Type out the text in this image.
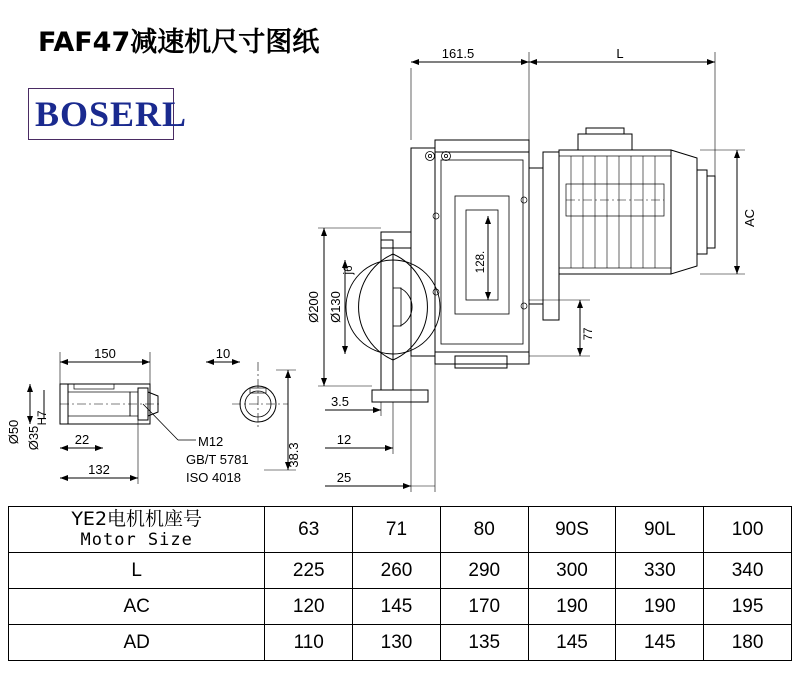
FAF47减速机尺寸图纸
BOSERL
161.5	L
AC
128.
77
Ø200 Ø130
j6
3.5
12
25
150
132
22
10
38.3
Ø50 Ø35
H7
M12
GB/T 5781
ISO 4018
YE2电机机座号
Motor Size	63	71	80	90S	90L	100
L	225	260	290	300	330	340
AC	120	145	170	190	190	195
AD	110	130	135	145	145	180
